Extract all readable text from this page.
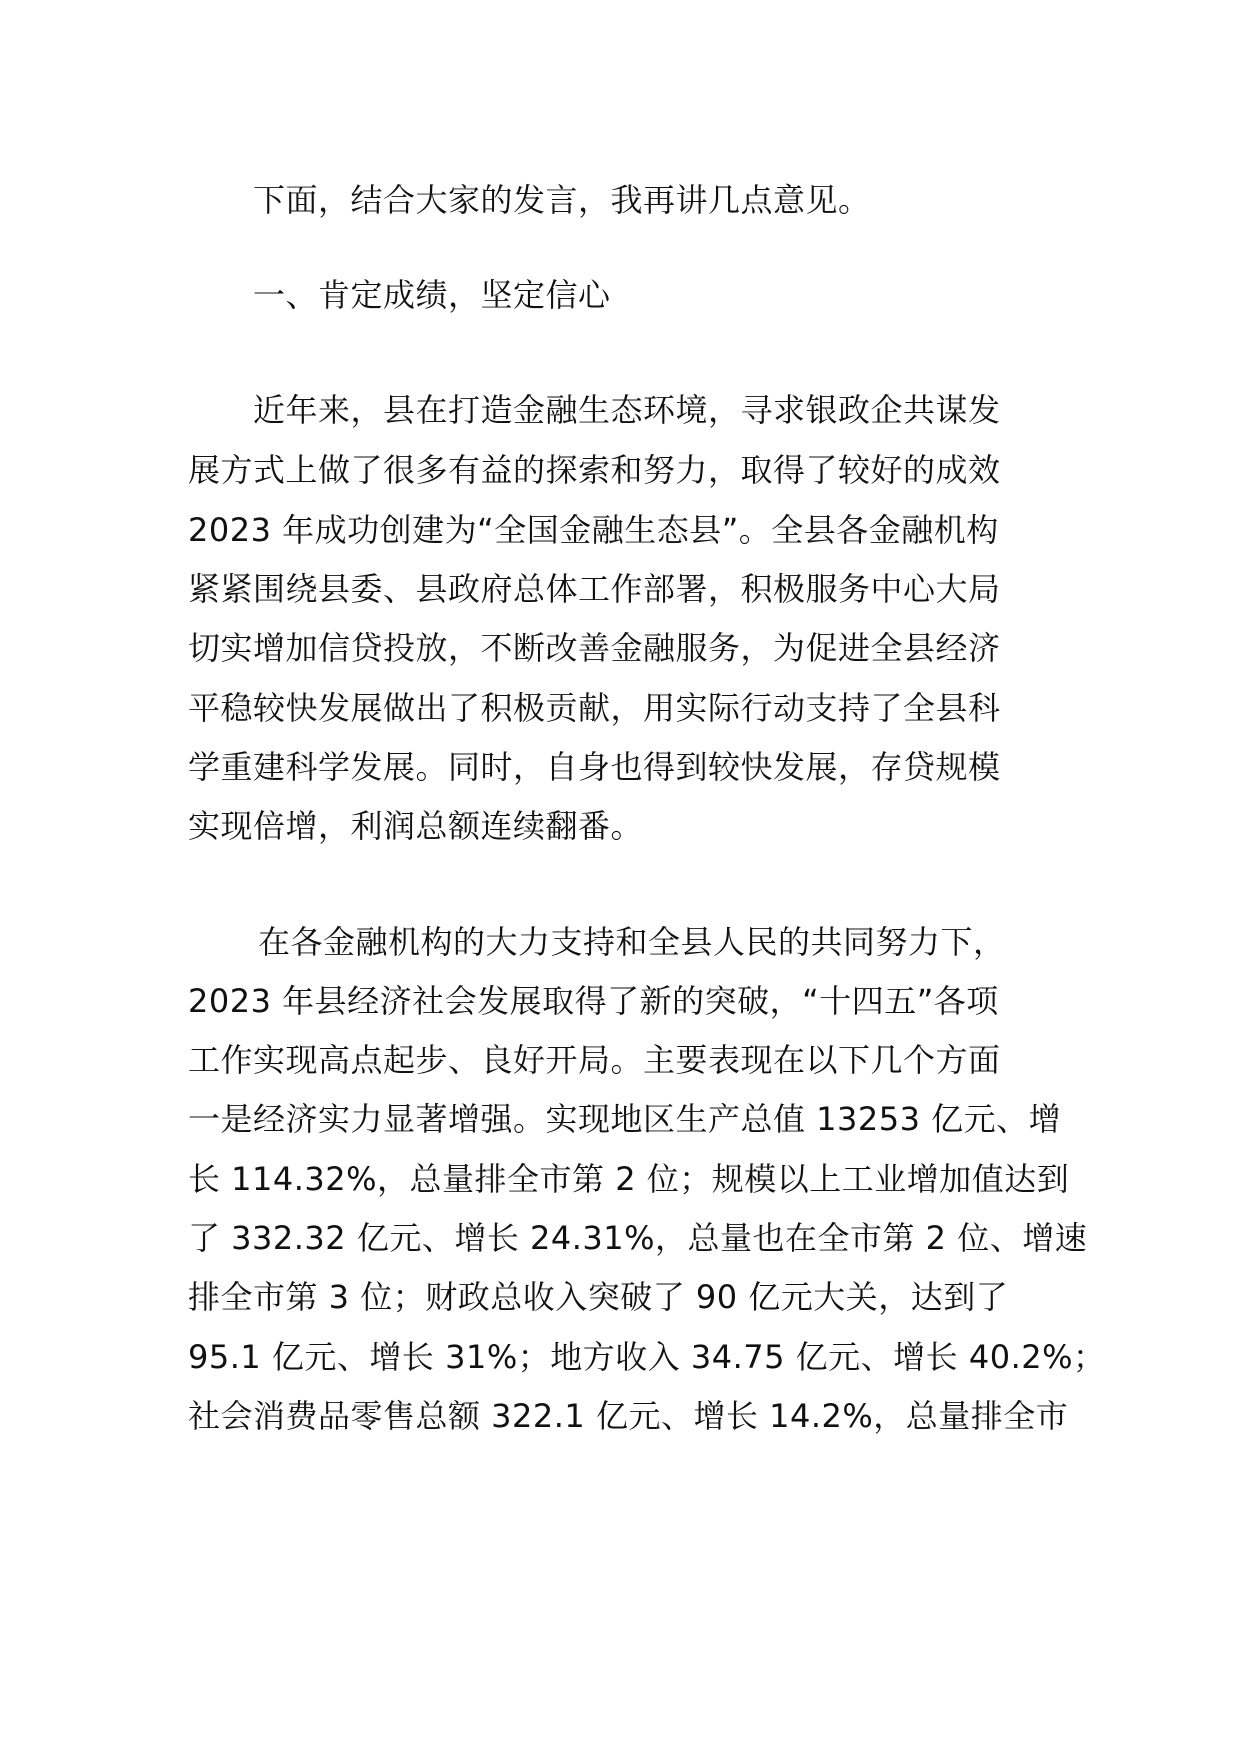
下面，结合大家的发言，我再讲几点意见。
一、肯定成绩，坚定信心
近年来，县在打造金融生态环境，寻求银政企共谋发
展方式上做了很多有益的探索和努力，取得了较好的成效
2023 年成功创建为“全国金融生态县”。全县各金融机构
紧紧围绕县委、县政府总体工作部署，积极服务中心大局
切实增加信贷投放，不断改善金融服务，为促进全县经济
平稳较快发展做出了积极贡献，用实际行动支持了全县科
学重建科学发展。同时，自身也得到较快发展，存贷规模
实现倍增，利润总额连续翻番。
在各金融机构的大力支持和全县人民的共同努力下，
2023 年县经济社会发展取得了新的突破，“十四五”各项
工作实现高点起步、良好开局。主要表现在以下几个方面
一是经济实力显著增强。实现地区生产总值 13253 亿元、增
长 114.32%，总量排全市第 2 位；规模以上工业增加值达到
了 332.32 亿元、增长 24.31%，总量也在全市第 2 位、增速
排全市第 3 位；财政总收入突破了 90 亿元大关，达到了
95.1 亿元、增长 31%；地方收入 34.75 亿元、增长 40.2%；
社会消费品零售总额 322.1 亿元、增长 14.2%，总量排全市
